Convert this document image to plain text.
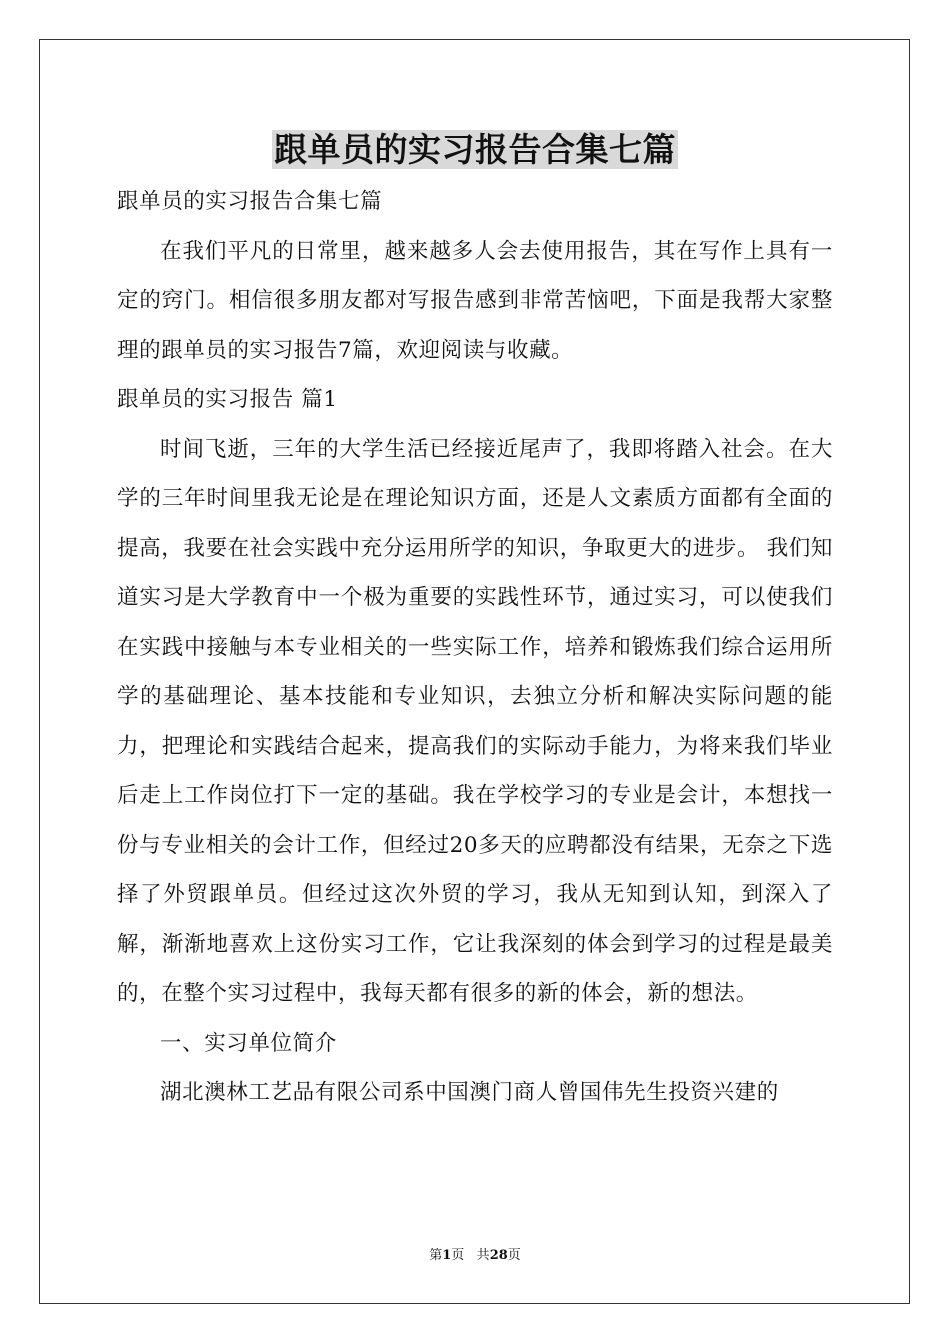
跟单员的实习报告合集七篇

跟单员的实习报告合集七篇

在我们平凡的日常里，越来越多人会去使用报告，其在写作上具有一定的窍门。相信很多朋友都对写报告感到非常苦恼吧，下面是我帮大家整理的跟单员的实习报告7篇，欢迎阅读与收藏。

跟单员的实习报告 篇1

时间飞逝，三年的大学生活已经接近尾声了，我即将踏入社会。在大学的三年时间里我无论是在理论知识方面，还是人文素质方面都有全面的提高，我要在社会实践中充分运用所学的知识，争取更大的进步。 我们知道实习是大学教育中一个极为重要的实践性环节，通过实习，可以使我们在实践中接触与本专业相关的一些实际工作，培养和锻炼我们综合运用所学的基础理论、基本技能和专业知识，去独立分析和解决实际问题的能力，把理论和实践结合起来，提高我们的实际动手能力，为将来我们毕业后走上工作岗位打下一定的基础。我在学校学习的专业是会计，本想找一份与专业相关的会计工作，但经过20多天的应聘都没有结果，无奈之下选择了外贸跟单员。但经过这次外贸的学习，我从无知到认知，到深入了解，渐渐地喜欢上这份实习工作，它让我深刻的体会到学习的过程是最美的，在整个实习过程中，我每天都有很多的新的体会，新的想法。

一、实习单位简介

湖北澳林工艺品有限公司系中国澳门商人曾国伟先生投资兴建的

第1页 共28页
